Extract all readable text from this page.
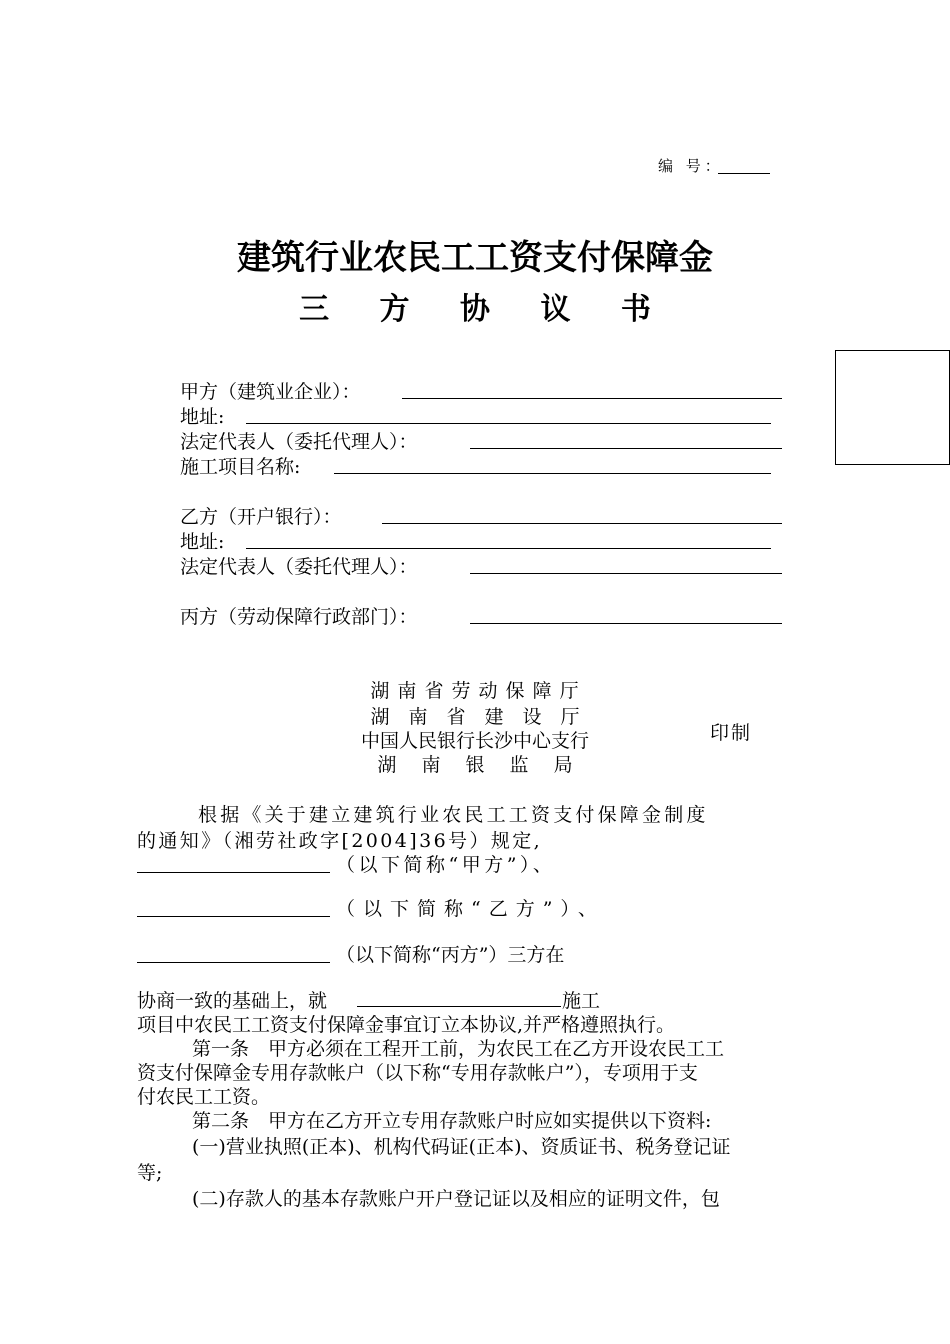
编 号：
建筑行业农民工工资支付保障金
三 方 协 议 书
甲方（建筑业企业）：
地址:
法定代表人（委托代理人）：
施工项目名称:
乙方（开户银行）：
地址:
法定代表人（委托代理人）：
丙方（劳动保障行政部门）：
湖 南 省 劳 动 保 障 厅
湖　南　省　建　设　厅
中国人民银行长沙中心支行
湖　 南　 银　 监　 局
印制
根据《关于建立建筑行业农民工工资支付保障金制度
的通知》（湘劳社政字[2004]36号）规定,
（以下简称“甲方”）、
（以下简称“乙方”）、
（以下简称“丙方”）三方在
协商一致的基础上，就	施工
项目中农民工工资支付保障金事宜订立本协议,并严格遵照执行。
第一条　甲方必须在工程开工前，为农民工在乙方开设农民工工
资支付保障金专用存款帐户（以下称“专用存款帐户”），专项用于支
付农民工工资。
第二条　甲方在乙方开立专用存款账户时应如实提供以下资料:
(一)营业执照(正本)、机构代码证(正本)、资质证书、税务登记证
等;
(二)存款人的基本存款账户开户登记证以及相应的证明文件，包
